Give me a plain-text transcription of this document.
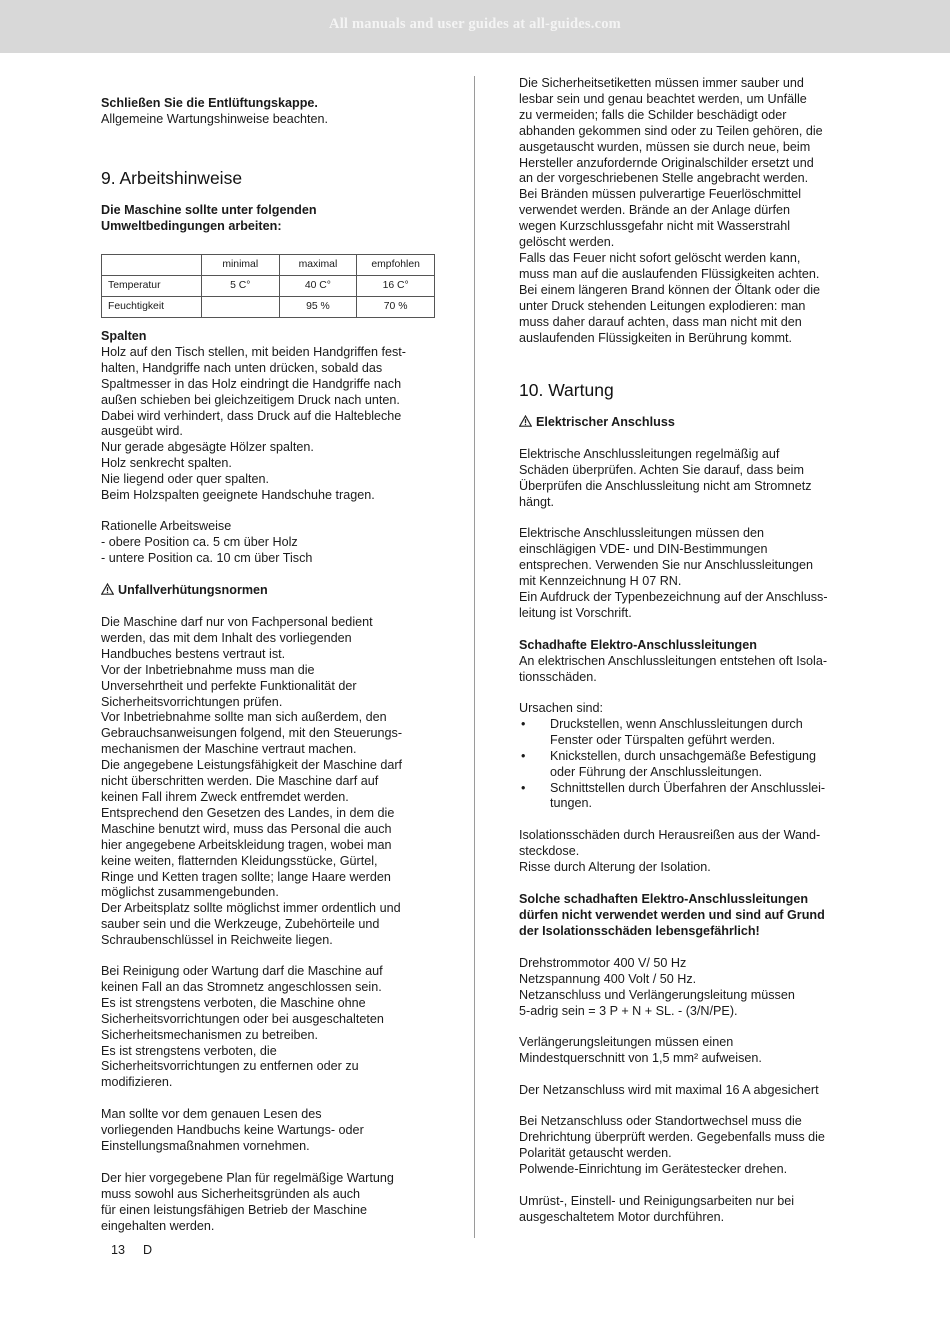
All manuals and user guides at all-guides.com
Schließen Sie die Entlüftungskappe.
Allgemeine Wartungshinweise beachten.
9. Arbeitshinweise
Die Maschine sollte unter folgenden
Umweltbedingungen arbeiten:
	minimal	maximal	empfohlen
Temperatur	5 C°	40 C°	16 C°
Feuchtigkeit		95 %	70 %
Spalten
Holz auf den Tisch stellen, mit beiden Handgriffen fest-
halten, Handgriffe nach unten drücken, sobald das
Spaltmesser in das Holz eindringt die Handgriffe nach
außen schieben bei gleichzeitigem Druck nach unten.
Dabei wird verhindert, dass Druck auf die Haltebleche
ausgeübt wird.
Nur gerade abgesägte Hölzer spalten.
Holz senkrecht spalten.
Nie liegend oder quer spalten.
Beim Holzspalten geeignete Handschuhe tragen.
Rationelle Arbeitsweise
- obere Position ca. 5 cm über Holz
- untere Position ca. 10 cm über Tisch
Unfallverhütungsnormen
Die Maschine darf nur von Fachpersonal bedient
werden, das mit dem Inhalt des vorliegenden
Handbuches bestens vertraut ist.
Vor der Inbetriebnahme muss man die
Unversehrtheit und perfekte Funktionalität der
Sicherheitsvorrichtungen prüfen.
Vor Inbetriebnahme sollte man sich außerdem, den
Gebrauchsanweisungen folgend, mit den Steuerungs-
mechanismen der Maschine vertraut machen.
Die angegebene Leistungsfähigkeit der Maschine darf
nicht überschritten werden. Die Maschine darf auf
keinen Fall ihrem Zweck entfremdet werden.
Entsprechend den Gesetzen des Landes, in dem die
Maschine benutzt wird, muss das Personal die auch
hier angegebene Arbeitskleidung tragen, wobei man
keine weiten, flatternden Kleidungsstücke, Gürtel,
Ringe und Ketten tragen sollte; lange Haare werden
möglichst zusammengebunden.
Der Arbeitsplatz sollte möglichst immer ordentlich und
sauber sein und die Werkzeuge, Zubehörteile und
Schraubenschlüssel in Reichweite liegen.
Bei Reinigung oder Wartung darf die Maschine auf
keinen Fall an das Stromnetz angeschlossen sein.
Es ist strengstens verboten, die Maschine ohne
Sicherheitsvorrichtungen oder bei ausgeschalteten
Sicherheitsmechanismen zu betreiben.
Es ist strengstens verboten, die
Sicherheitsvorrichtungen zu entfernen oder zu
modifizieren.
Man sollte vor dem genauen Lesen des
vorliegenden Handbuchs keine Wartungs- oder
Einstellungsmaßnahmen vornehmen.
Der hier vorgegebene Plan für regelmäßige Wartung
muss sowohl aus Sicherheitsgründen als auch
für einen leistungsfähigen Betrieb der Maschine
eingehalten werden.
Die Sicherheitsetiketten müssen immer sauber und
lesbar sein und genau beachtet werden, um Unfälle
zu vermeiden; falls die Schilder beschädigt oder
abhanden gekommen sind oder zu Teilen gehören, die
ausgetauscht wurden, müssen sie durch neue, beim
Hersteller anzufordernde Originalschilder ersetzt und
an der vorgeschriebenen Stelle angebracht werden.
Bei Bränden müssen pulverartige Feuerlöschmittel
verwendet werden. Brände an der Anlage dürfen
wegen Kurzschlussgefahr nicht mit Wasserstrahl
gelöscht werden.
Falls das Feuer nicht sofort gelöscht werden kann,
muss man auf die auslaufenden Flüssigkeiten achten.
Bei einem längeren Brand können der Öltank oder die
unter Druck stehenden Leitungen explodieren: man
muss daher darauf achten, dass man nicht mit den
auslaufenden Flüssigkeiten in Berührung kommt.
10. Wartung
Elektrischer Anschluss
Elektrische Anschlussleitungen regelmäßig auf
Schäden überprüfen. Achten Sie darauf, dass beim
Überprüfen die Anschlussleitung nicht am Stromnetz
hängt.
Elektrische Anschlussleitungen müssen den
einschlägigen VDE- und DIN-Bestimmungen
entsprechen. Verwenden Sie nur Anschlussleitungen
mit Kennzeichnung H 07 RN.
Ein Aufdruck der Typenbezeichnung auf der Anschluss-
leitung ist Vorschrift.
Schadhafte Elektro-Anschlussleitungen
An elektrischen Anschlussleitungen entstehen oft Isola-
tionsschäden.
Ursachen sind:
• Druckstellen, wenn Anschlussleitungen durch
Fenster oder Türspalten geführt werden.
• Knickstellen, durch unsachgemäße Befestigung
oder Führung der Anschlussleitungen.
• Schnittstellen durch Überfahren der Anschlusslei-
tungen.
Isolationsschäden durch Herausreißen aus der Wand-
steckdose.
Risse durch Alterung der Isolation.
Solche schadhaften Elektro-Anschlussleitungen
dürfen nicht verwendet werden und sind auf Grund
der Isolationsschäden lebensgefährlich!
Drehstrommotor 400 V/ 50 Hz
Netzspannung 400 Volt / 50 Hz.
Netzanschluss und Verlängerungsleitung müssen
5-adrig sein = 3 P + N + SL. - (3/N/PE).
Verlängerungsleitungen müssen einen
Mindestquerschnitt von 1,5 mm² aufweisen.
Der Netzanschluss wird mit maximal 16 A abgesichert
Bei Netzanschluss oder Standortwechsel muss die
Drehrichtung überprüft werden. Gegebenfalls muss die
Polarität getauscht werden.
Polwende-Einrichtung im Gerätestecker drehen.
Umrüst-, Einstell- und Reinigungsarbeiten nur bei
ausgeschaltetem Motor durchführen.
13 D
